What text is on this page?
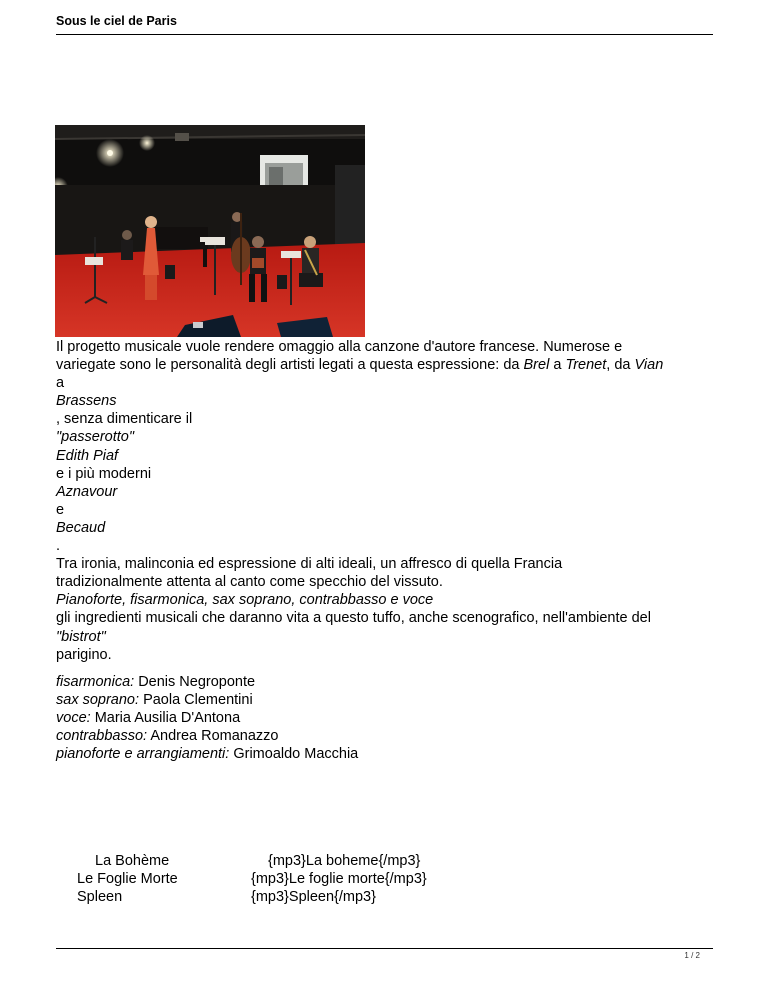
Sous le ciel de Paris

Il progetto musicale vuole rendere omaggio alla canzone d'autore francese. Numerose e

variegate sono le personalità degli artisti legati a questa espressione: da Brel a Trenet, da Vian

a

Brassens

, senza dimenticare il

"passerotto"

Edith Piaf

e i più moderni

Aznavour

e

Becaud

.

Tra ironia, malinconia ed espressione di alti ideali, un affresco di quella Francia

tradizionalmente attenta al canto come specchio del vissuto.

Pianoforte, fisarmonica, sax soprano, contrabbasso e voce

gli ingredienti musicali che daranno vita a questo tuffo, anche scenografico, nell'ambiente del

"bistrot"

parigino.

fisarmonica: Denis Negroponte
sax soprano: Paola Clementini
voce: Maria Ausilia D'Antona
contrabbasso: Andrea Romanazzo
pianoforte e arrangiamenti: Grimoaldo Macchia
La Bohème
Le Foglie Morte
Spleen
{mp3}La boheme{/mp3}
{mp3}Le foglie morte{/mp3}
{mp3}Spleen{/mp3}
1 / 2
